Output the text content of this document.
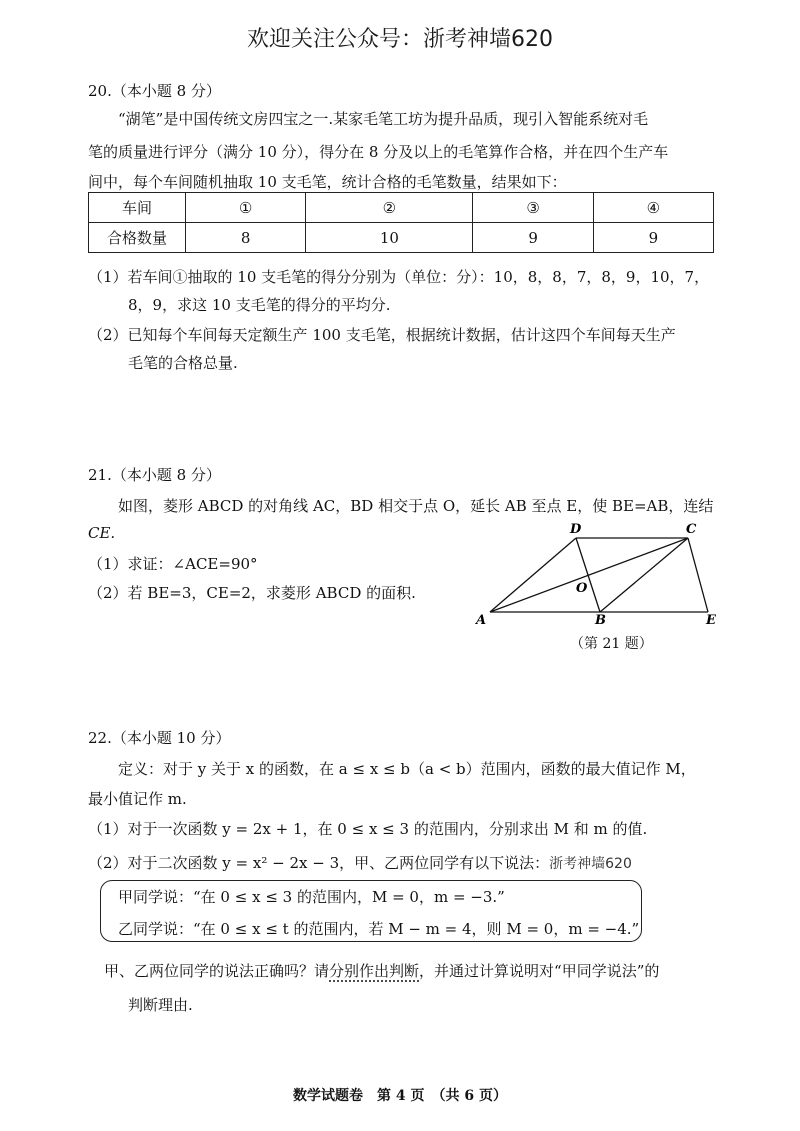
欢迎关注公众号：浙考神墙620
20.（本小题 8 分）
“湖笔”是中国传统文房四宝之一.某家毛笔工坊为提升品质，现引入智能系统对毛
笔的质量进行评分（满分 10 分），得分在 8 分及以上的毛笔算作合格，并在四个生产车
间中，每个车间随机抽取 10 支毛笔，统计合格的毛笔数量，结果如下：
车间	①	②	③	④
合格数量	8	10	9	9
（1）若车间①抽取的 10 支毛笔的得分分别为（单位：分）：10，8，8，7，8，9，10，7，
8，9，求这 10 支毛笔的得分的平均分.
（2）已知每个车间每天定额生产 100 支毛笔，根据统计数据，估计这四个车间每天生产
毛笔的合格总量.
21.（本小题 8 分）
如图，菱形 ABCD 的对角线 AC，BD 相交于点 O，延长 AB 至点 E，使 BE=AB，连结
CE.
（1）求证：∠ACE=90°
（2）若 BE=3，CE=2，求菱形 ABCD 的面积.
A	B
C
D
E
O
（第 21 题）
22.（本小题 10 分）
定义：对于 y 关于 x 的函数，在 a ≤ x ≤ b（a < b）范围内，函数的最大值记作 M，
最小值记作 m.
（1）对于一次函数 y = 2x + 1，在 0 ≤ x ≤ 3 的范围内，分别求出 M 和 m 的值.
（2）对于二次函数 y = x² − 2x − 3，甲、乙两位同学有以下说法：浙考神墙620
甲同学说：“在 0 ≤ x ≤ 3 的范围内，M = 0，m = −3.”
乙同学说：“在 0 ≤ x ≤ t 的范围内，若 M − m = 4，则 M = 0，m = −4.”
甲、乙两位同学的说法正确吗？请分别作出判断，并通过计算说明对“甲同学说法”的
判断理由.
数学试题卷　第 4 页　（共 6 页）
